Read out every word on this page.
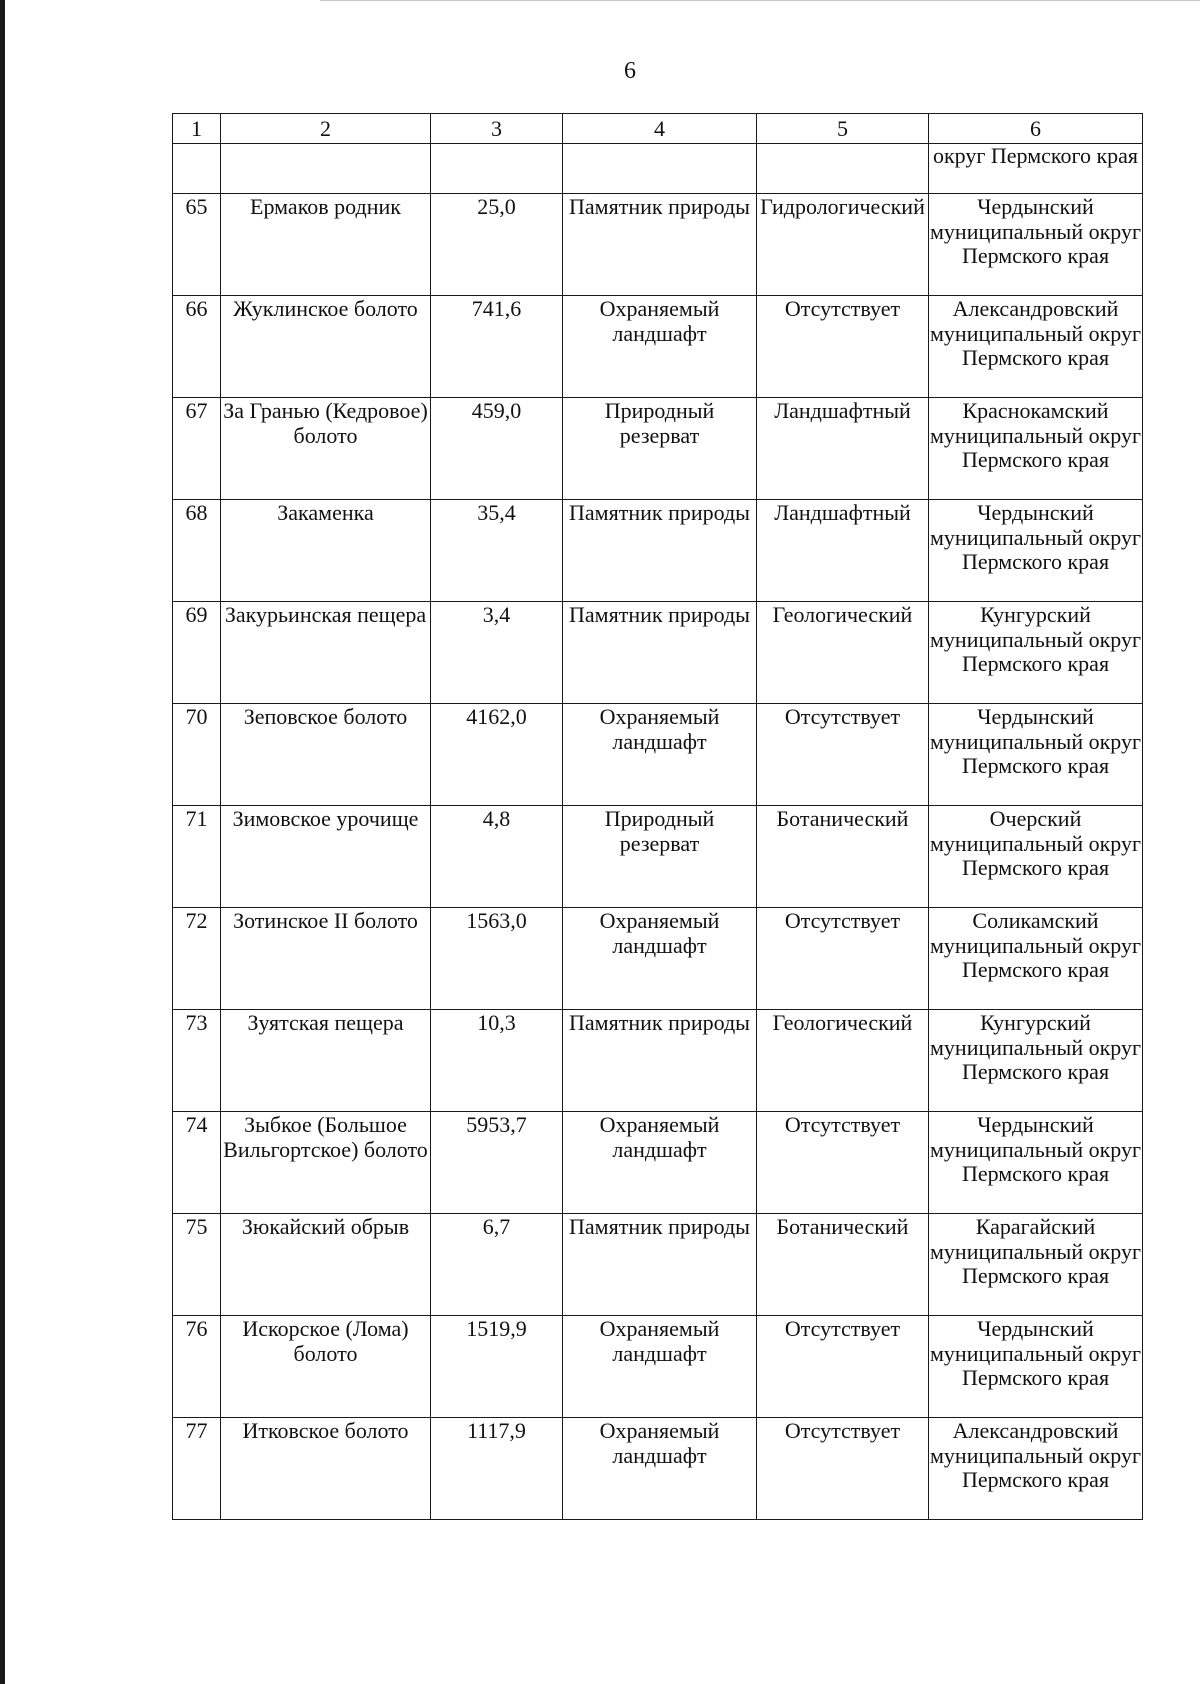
6
1	2	3	4	5	6
					округ Пермского края
65	Ермаков родник	25,0	Памятник природы	Гидрологический	Чердынский муниципальный округ Пермского края
66	Жуклинское болото	741,6	Охраняемый ландшафт	Отсутствует	Александровский муниципальный округ Пермского края
67	За Гранью (Кедровое) болото	459,0	Природный резерват	Ландшафтный	Краснокамский муниципальный округ Пермского края
68	Закаменка	35,4	Памятник природы	Ландшафтный	Чердынский муниципальный округ Пермского края
69	Закурьинская пещера	3,4	Памятник природы	Геологический	Кунгурский муниципальный округ Пермского края
70	Зеповское болото	4162,0	Охраняемый ландшафт	Отсутствует	Чердынский муниципальный округ Пермского края
71	Зимовское урочище	4,8	Природный резерват	Ботанический	Очерский муниципальный округ Пермского края
72	Зотинское II болото	1563,0	Охраняемый ландшафт	Отсутствует	Соликамский муниципальный округ Пермского края
73	Зуятская пещера	10,3	Памятник природы	Геологический	Кунгурский муниципальный округ Пермского края
74	Зыбкое (Большое Вильгортское) болото	5953,7	Охраняемый ландшафт	Отсутствует	Чердынский муниципальный округ Пермского края
75	Зюкайский обрыв	6,7	Памятник природы	Ботанический	Карагайский муниципальный округ Пермского края
76	Искорское (Лома) болото	1519,9	Охраняемый ландшафт	Отсутствует	Чердынский муниципальный округ Пермского края
77	Итковское болото	1117,9	Охраняемый ландшафт	Отсутствует	Александровский муниципальный округ Пермского края
